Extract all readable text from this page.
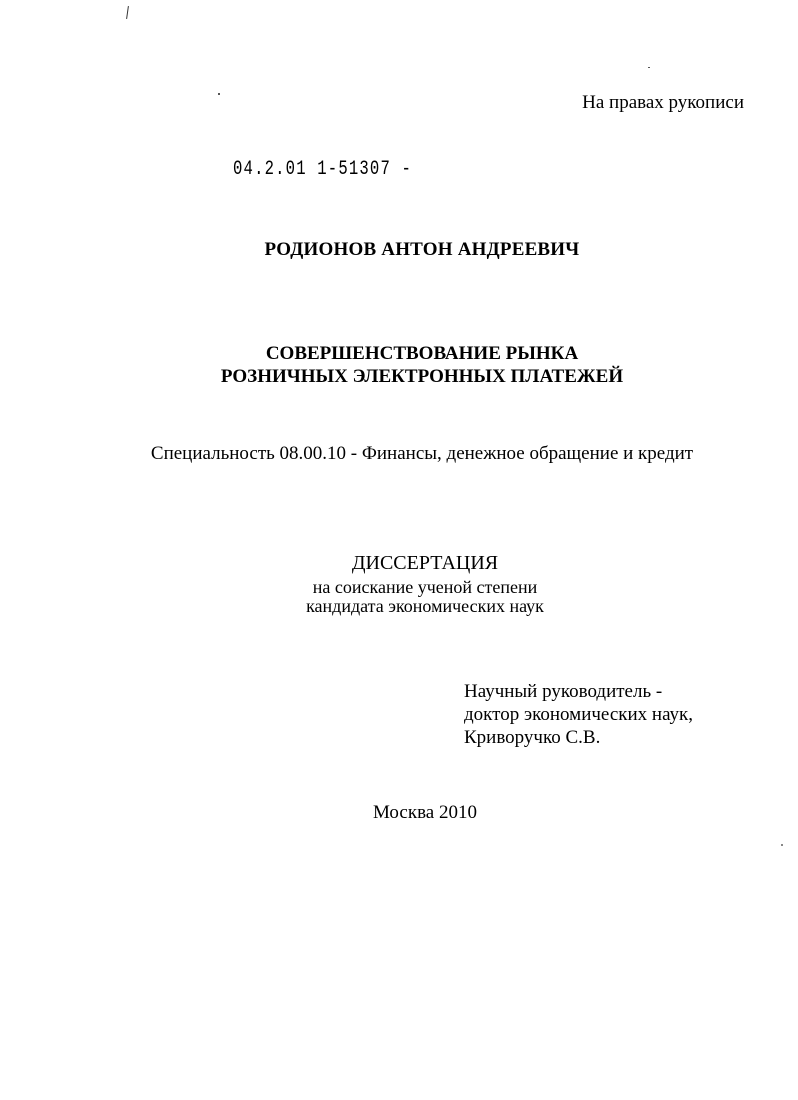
На правах рукописи
04.2.01 1-51307 -
РОДИОНОВ АНТОН АНДРЕЕВИЧ
СОВЕРШЕНСТВОВАНИЕ РЫНКА
РОЗНИЧНЫХ ЭЛЕКТРОННЫХ ПЛАТЕЖЕЙ
Специальность 08.00.10 - Финансы, денежное обращение и кредит
ДИССЕРТАЦИЯ
на соискание ученой степени
кандидата экономических наук
Научный руководитель -
доктор экономических наук,
Криворучко С.В.
Москва 2010
